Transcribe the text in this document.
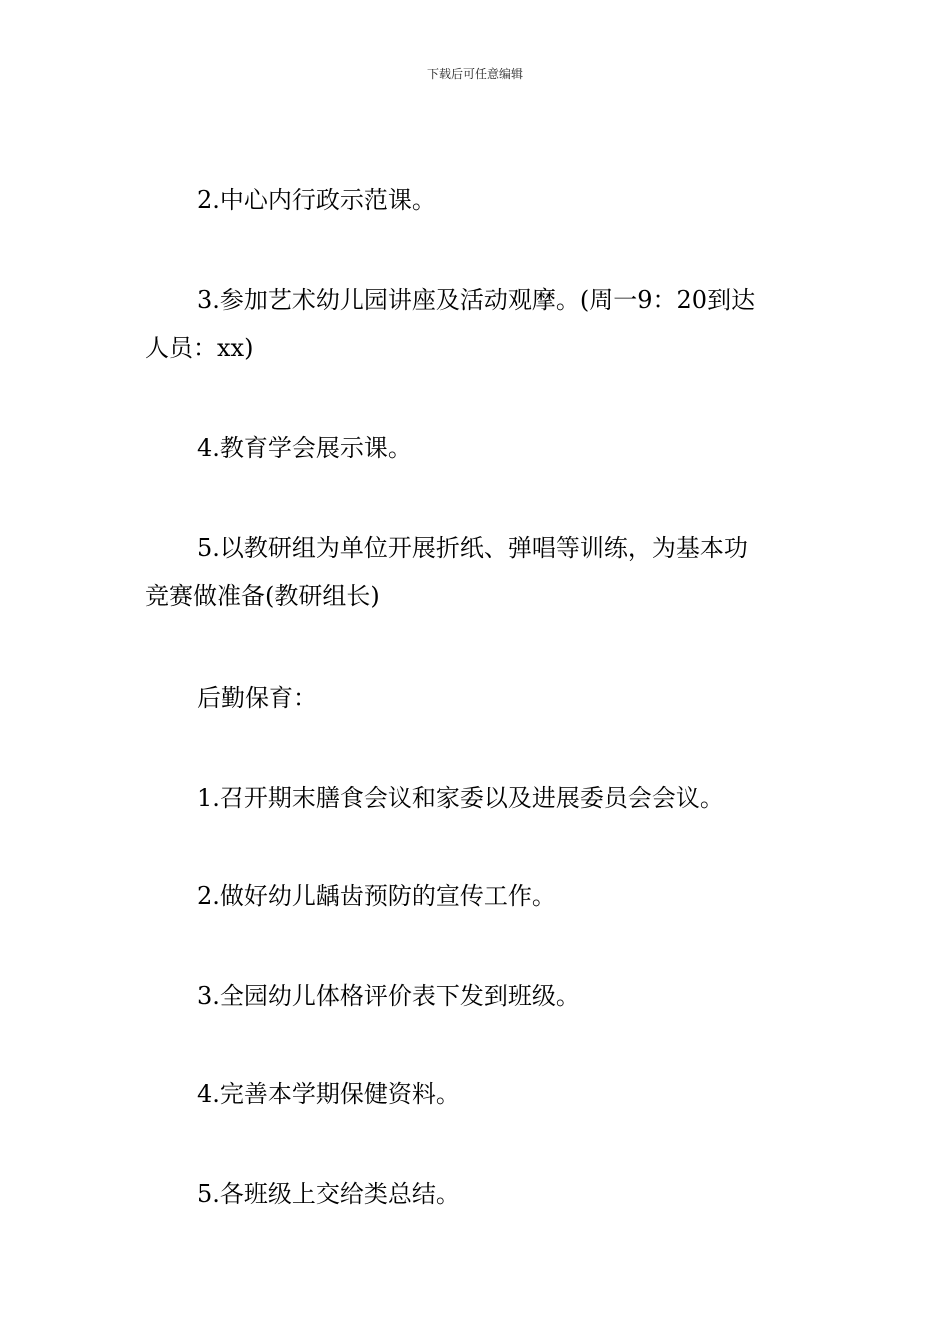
下载后可任意编辑
2.中心内行政示范课。
3.参加艺术幼儿园讲座及活动观摩。(周一9：20到达
人员：xx)
4.教育学会展示课。
5.以教研组为单位开展折纸、弹唱等训练，为基本功
竞赛做准备(教研组长)
后勤保育：
1.召开期末膳食会议和家委以及进展委员会会议。
2.做好幼儿龋齿预防的宣传工作。
3.全园幼儿体格评价表下发到班级。
4.完善本学期保健资料。
5.各班级上交给类总结。
